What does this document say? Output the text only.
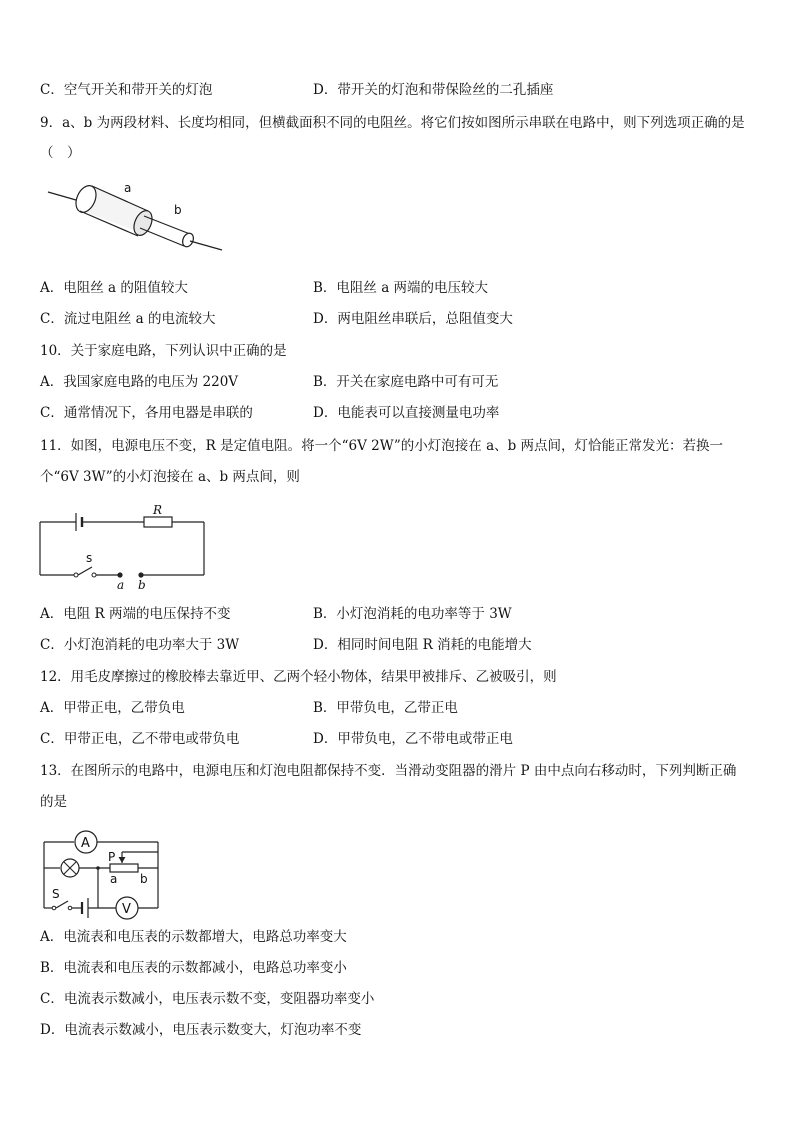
C．空气开关和带开关的灯泡	D．带开关的灯泡和带保险丝的二孔插座
9．a、b 为两段材料、长度均相同，但横截面积不同的电阻丝。将它们按如图所示串联在电路中，则下列选项正确的是
（　）
a
b
A．电阻丝 a 的阻值较大	B．电阻丝 a 两端的电压较大
C．流过电阻丝 a 的电流较大	D．两电阻丝串联后，总阻值变大
10．关于家庭电路，下列认识中正确的是
A．我国家庭电路的电压为 220V	B．开关在家庭电路中可有可无
C．通常情况下，各用电器是串联的	D．电能表可以直接测量电功率
11．如图，电源电压不变，R 是定值电阻。将一个“6V 2W”的小灯泡接在 a、b 两点间，灯恰能正常发光：若换一
个“6V 3W”的小灯泡接在 a、b 两点间，则
R
s
a b
A．电阻 R 两端的电压保持不变	B．小灯泡消耗的电功率等于 3W
C．小灯泡消耗的电功率大于 3W	D．相同时间电阻 R 消耗的电能增大
12．用毛皮摩擦过的橡胶棒去靠近甲、乙两个轻小物体，结果甲被排斥、乙被吸引，则
A．甲带正电，乙带负电	B．甲带负电，乙带正电
C．甲带正电，乙不带电或带负电	D．甲带负电，乙不带电或带正电
13．在图所示的电路中，电源电压和灯泡电阻都保持不变．当滑动变阻器的滑片 P 由中点向右移动时，下列判断正确
的是
A
V
P
a b
S
A．电流表和电压表的示数都增大，电路总功率变大
B．电流表和电压表的示数都减小，电路总功率变小
C．电流表示数减小，电压表示数不变，变阻器功率变小
D．电流表示数减小，电压表示数变大，灯泡功率不变
